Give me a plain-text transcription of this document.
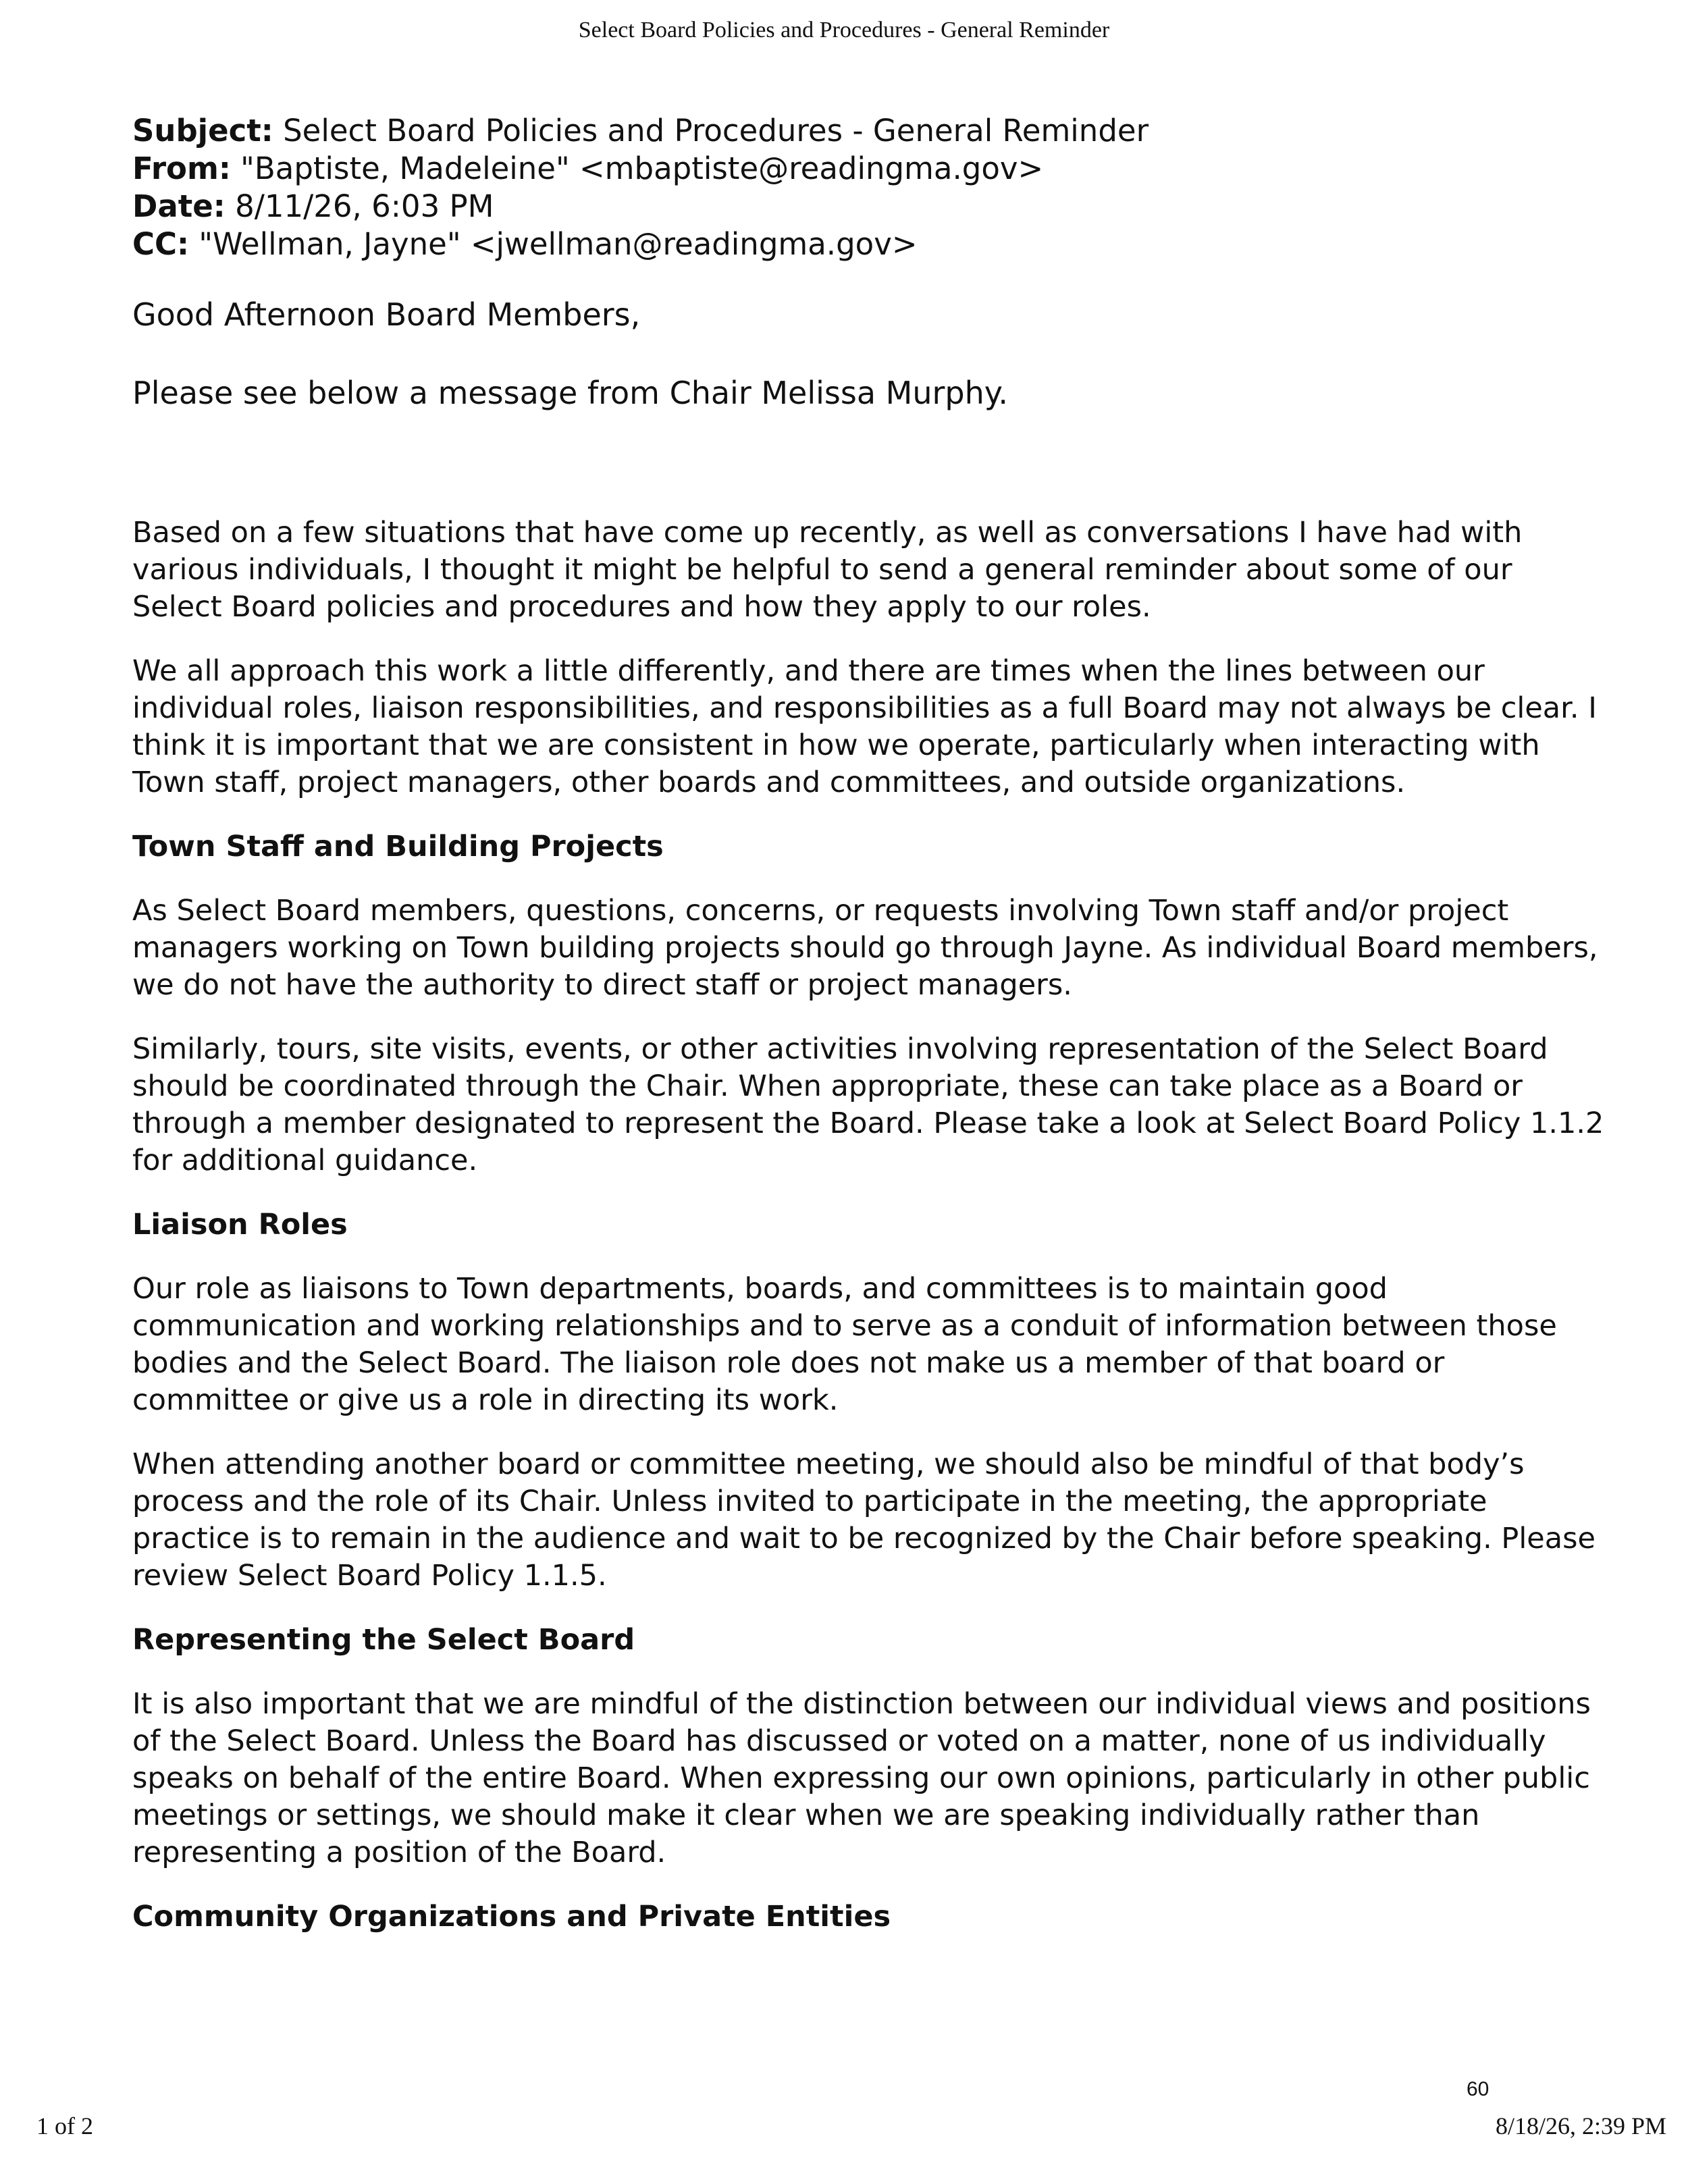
Select Board Policies and Procedures - General Reminder

Subject: Select Board Policies and Procedures - General Reminder

From: "Baptiste, Madeleine" <mbaptiste@readingma.gov>

Date: 8/11/26, 6:03 PM

CC: "Wellman, Jayne" <jwellman@readingma.gov>

Good Afternoon Board Members,

Please see below a message from Chair Melissa Murphy.

Based on a few situations that have come up recently, as well as conversations I have had with various individuals, I thought it might be helpful to send a general reminder about some of our Select Board policies and procedures and how they apply to our roles.

We all approach this work a little differently, and there are times when the lines between our individual roles, liaison responsibilities, and responsibilities as a full Board may not always be clear. I think it is important that we are consistent in how we operate, particularly when interacting with Town staff, project managers, other boards and committees, and outside organizations.

Town Staff and Building Projects

As Select Board members, questions, concerns, or requests involving Town staff and/or project managers working on Town building projects should go through Jayne. As individual Board members, we do not have the authority to direct staff or project managers.

Similarly, tours, site visits, events, or other activities involving representation of the Select Board should be coordinated through the Chair. When appropriate, these can take place as a Board or through a member designated to represent the Board. Please take a look at Select Board Policy 1.1.2 for additional guidance.

Liaison Roles

Our role as liaisons to Town departments, boards, and committees is to maintain good communication and working relationships and to serve as a conduit of information between those bodies and the Select Board. The liaison role does not make us a member of that board or committee or give us a role in directing its work.

When attending another board or committee meeting, we should also be mindful of that body’s process and the role of its Chair. Unless invited to participate in the meeting, the appropriate practice is to remain in the audience and wait to be recognized by the Chair before speaking. Please review Select Board Policy 1.1.5.

Representing the Select Board

It is also important that we are mindful of the distinction between our individual views and positions of the Select Board. Unless the Board has discussed or voted on a matter, none of us individually speaks on behalf of the entire Board. When expressing our own opinions, particularly in other public meetings or settings, we should make it clear when we are speaking individually rather than representing a position of the Board.

Community Organizations and Private Entities

1 of 2
60
8/18/26, 2:39 PM
